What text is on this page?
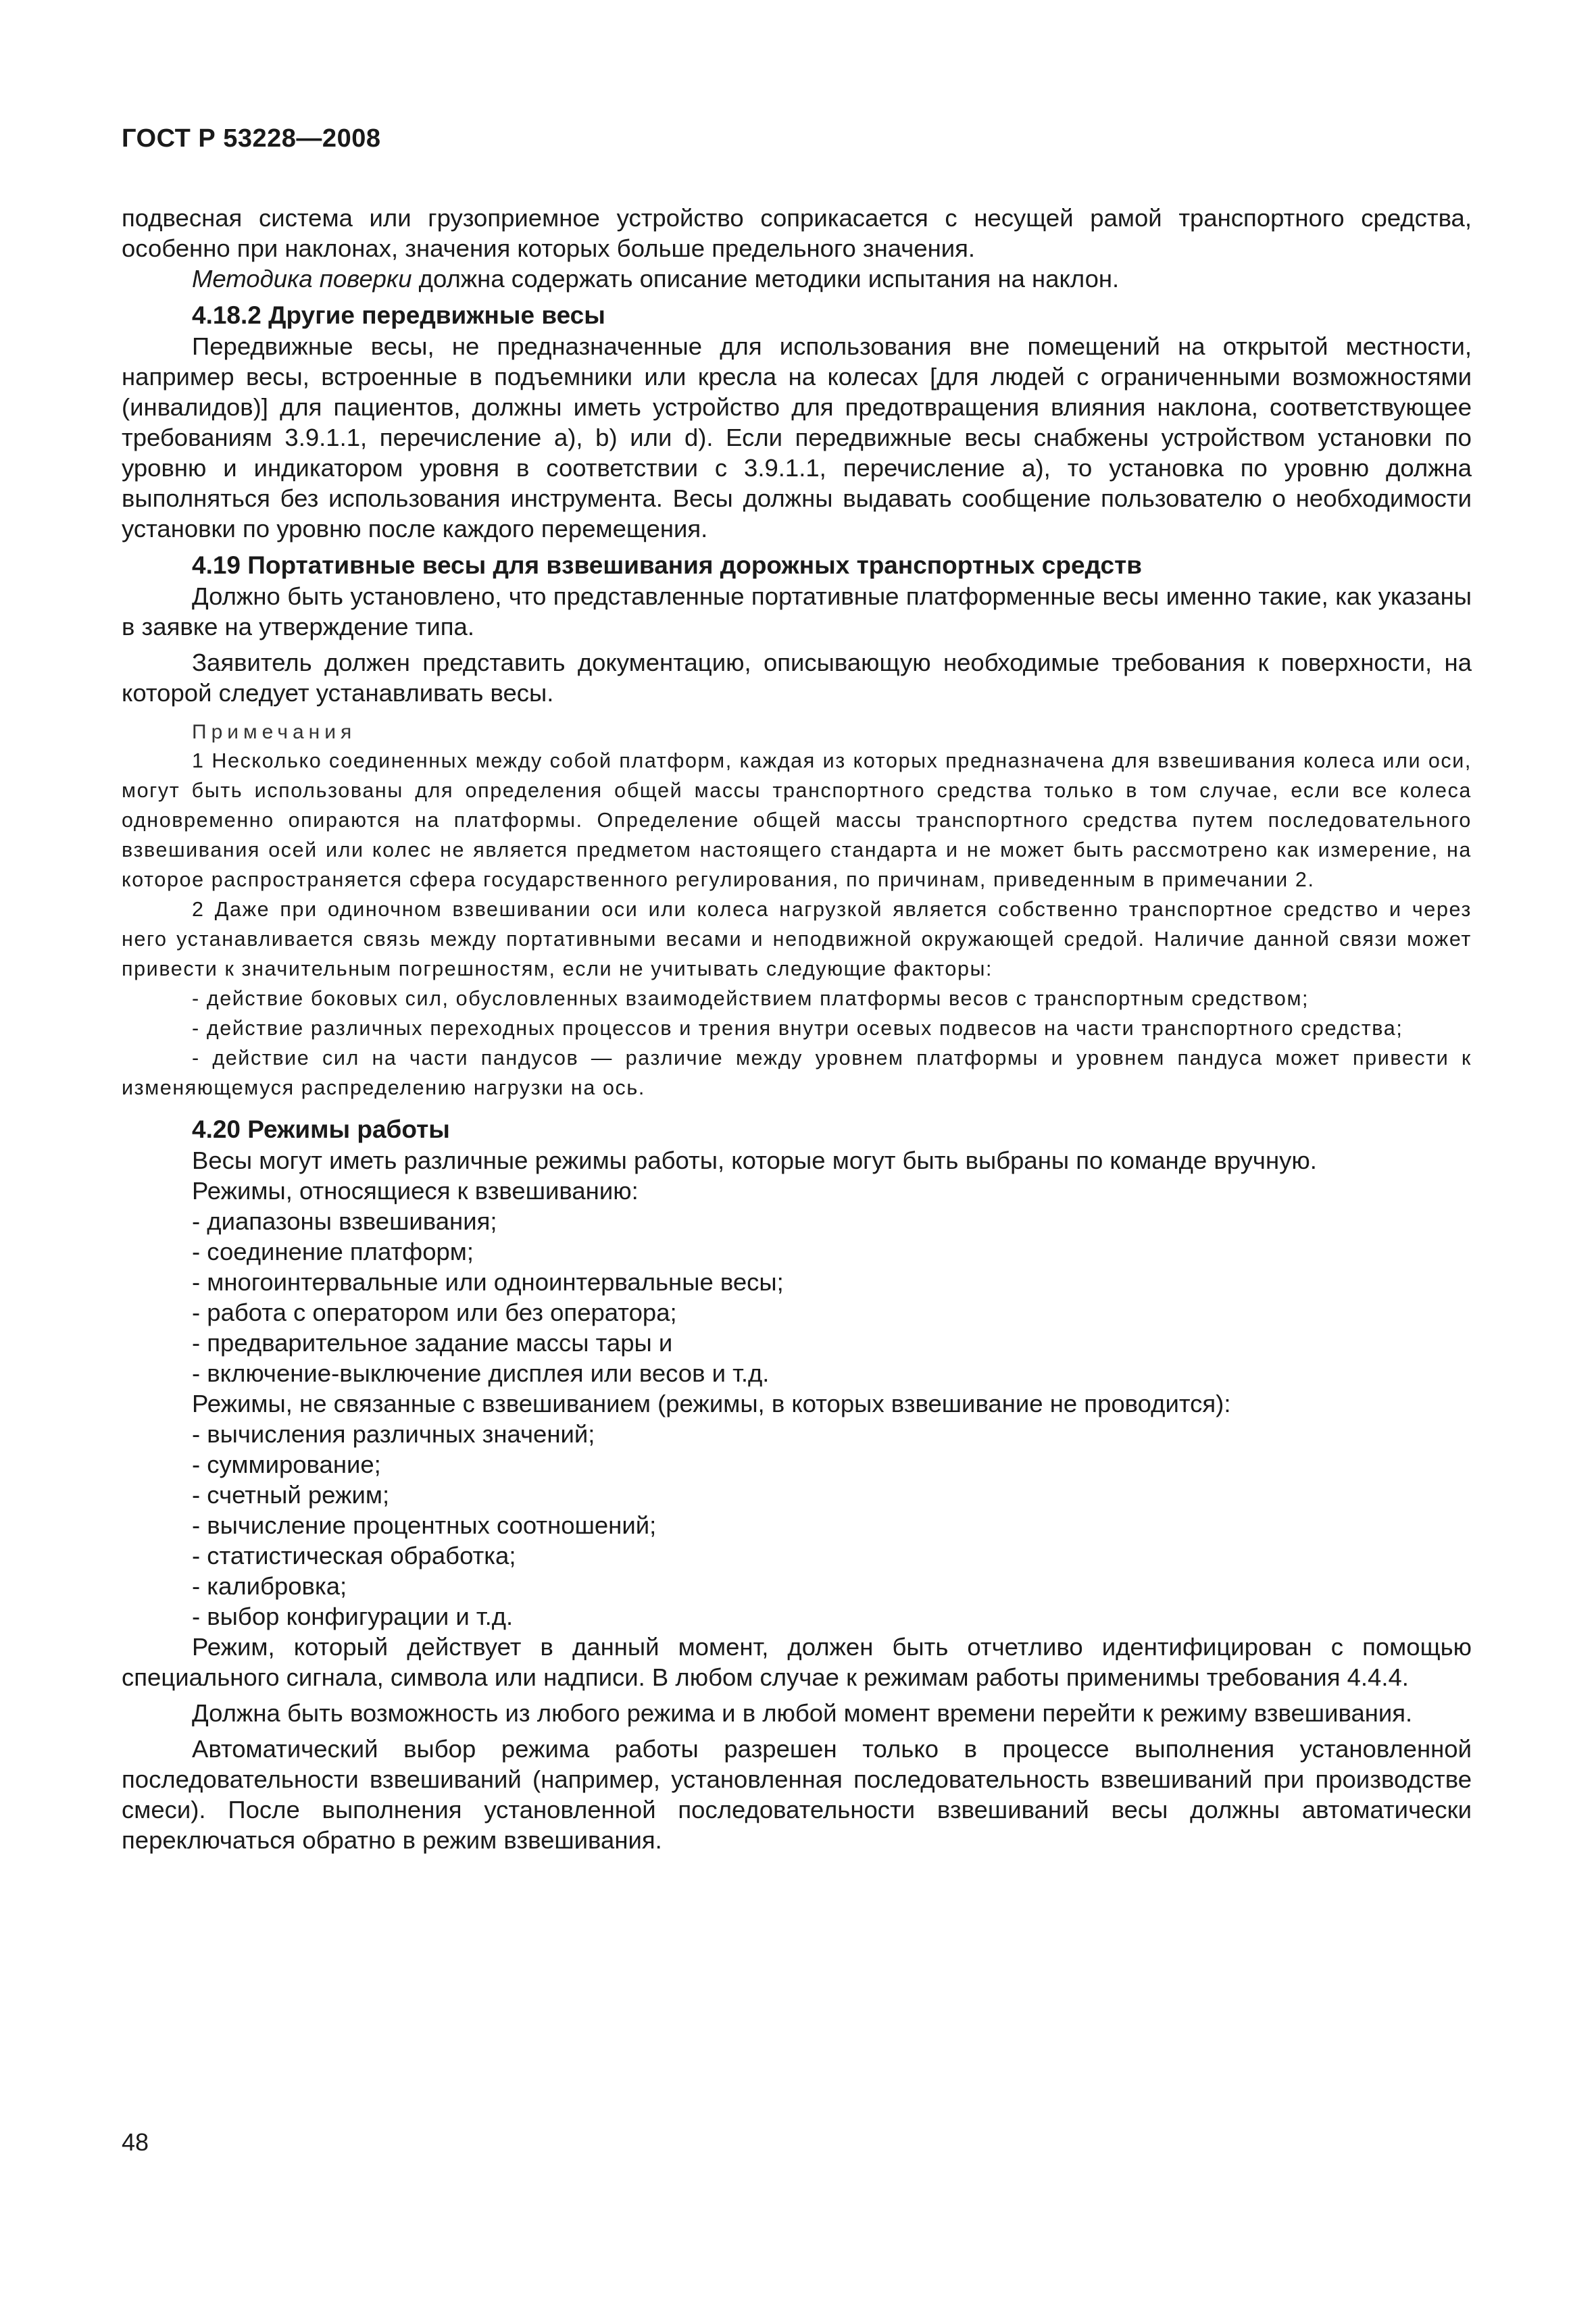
ГОСТ Р 53228—2008

подвесная система или грузоприемное устройство соприкасается с несущей рамой транспортного средства, особенно при наклонах, значения которых больше предельного значения.

Методика поверки должна содержать описание методики испытания на наклон.

4.18.2 Другие передвижные весы

Передвижные весы, не предназначенные для использования вне помещений на открытой местности, например весы, встроенные в подъемники или кресла на колесах [для людей с ограниченными возможностями (инвалидов)] для пациентов, должны иметь устройство для предотвращения влияния наклона, соответствующее требованиям 3.9.1.1, перечисление а), b) или d). Если передвижные весы снабжены устройством установки по уровню и индикатором уровня в соответствии с 3.9.1.1, перечисление а), то установка по уровню должна выполняться без использования инструмента. Весы должны выдавать сообщение пользователю о необходимости установки по уровню после каждого перемещения.

4.19 Портативные весы для взвешивания дорожных транспортных средств

Должно быть установлено, что представленные портативные платформенные весы именно такие, как указаны в заявке на утверждение типа.

Заявитель должен представить документацию, описывающую необходимые требования к поверхности, на которой следует устанавливать весы.

Примечания

1 Несколько соединенных между собой платформ, каждая из которых предназначена для взвешивания колеса или оси, могут быть использованы для определения общей массы транспортного средства только в том случае, если все колеса одновременно опираются на платформы. Определение общей массы транспортного средства путем последовательного взвешивания осей или колес не является предметом настоящего стандарта и не может быть рассмотрено как измерение, на которое распространяется сфера государственного регулирования, по причинам, приведенным в примечании 2.

2 Даже при одиночном взвешивании оси или колеса нагрузкой является собственно транспортное средство и через него устанавливается связь между портативными весами и неподвижной окружающей средой. Наличие данной связи может привести к значительным погрешностям, если не учитывать следующие факторы:

- действие боковых сил, обусловленных взаимодействием платформы весов с транспортным средством;

- действие различных переходных процессов и трения внутри осевых подвесов на части транспортного средства;

- действие сил на части пандусов — различие между уровнем платформы и уровнем пандуса может привести к изменяющемуся распределению нагрузки на ось.

4.20 Режимы работы

Весы могут иметь различные режимы работы, которые могут быть выбраны по команде вручную.

Режимы, относящиеся к взвешиванию:

- диапазоны взвешивания;

- соединение платформ;

- многоинтервальные или одноинтервальные весы;

- работа с оператором или без оператора;

- предварительное задание массы тары и

- включение-выключение дисплея или весов и т.д.

Режимы, не связанные с взвешиванием (режимы, в которых взвешивание не проводится):

- вычисления различных значений;

- суммирование;

- счетный режим;

- вычисление процентных соотношений;

- статистическая обработка;

- калибровка;

- выбор конфигурации и т.д.

Режим, который действует в данный момент, должен быть отчетливо идентифицирован с помощью специального сигнала, символа или надписи. В любом случае к режимам работы применимы требования 4.4.4.

Должна быть возможность из любого режима и в любой момент времени перейти к режиму взвешивания.

Автоматический выбор режима работы разрешен только в процессе выполнения установленной последовательности взвешиваний (например, установленная последовательность взвешиваний при производстве смеси). После выполнения установленной последовательности взвешиваний весы должны автоматически переключаться обратно в режим взвешивания.

48
